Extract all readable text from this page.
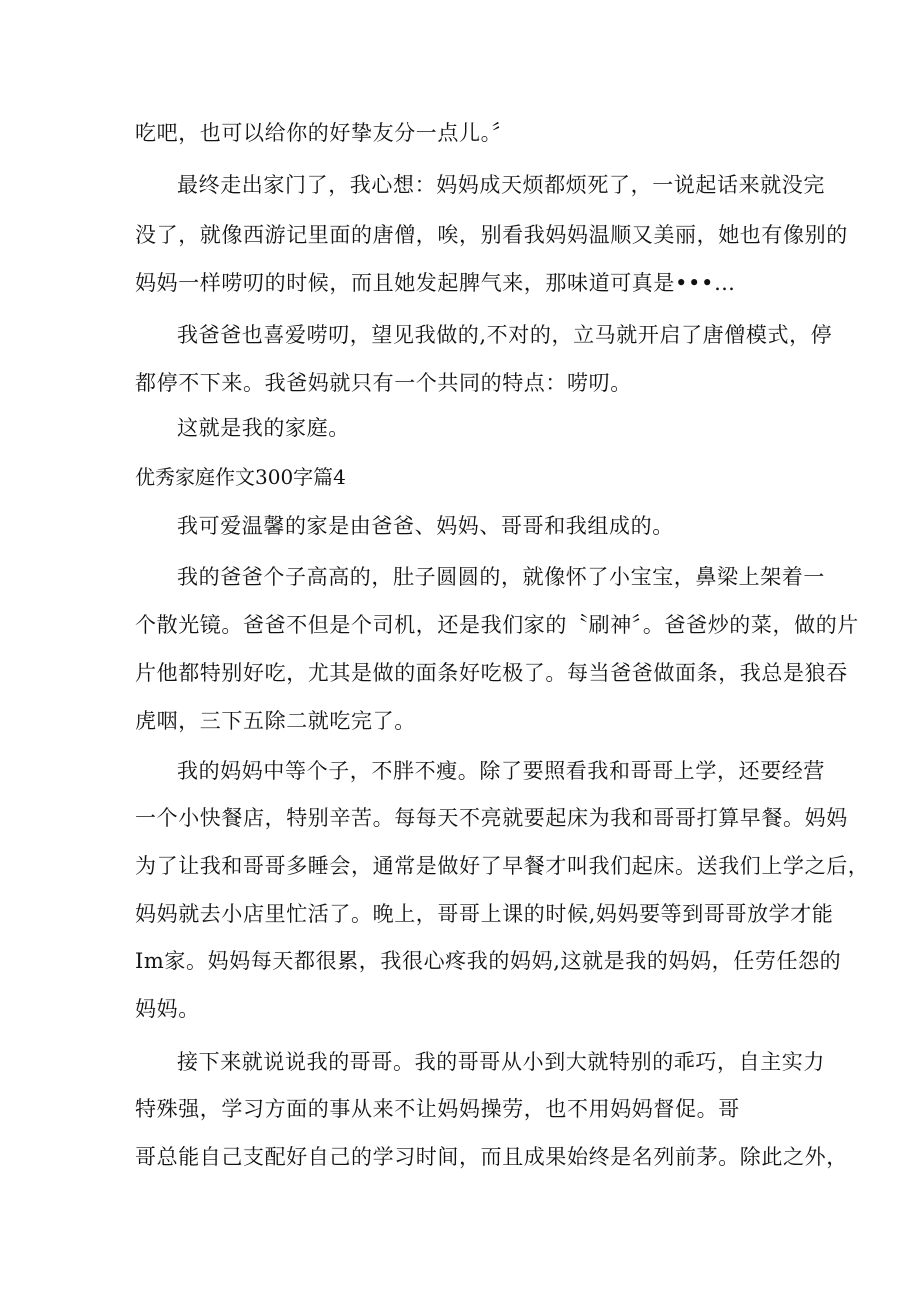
吃吧，也可以给你的好挚友分一点儿。〞

最终走出家门了，我心想：妈妈成天烦都烦死了，一说起话来就没完

没了，就像西游记里面的唐僧，唉，别看我妈妈温顺又美丽，她也有像别的

妈妈一样唠叨的时候，而且她发起脾气来，那味道可真是•••…

我爸爸也喜爱唠叨，望见我做的,不对的，立马就开启了唐僧模式，停

都停不下来。我爸妈就只有一个共同的特点：唠叨。

这就是我的家庭。

优秀家庭作文300字篇4

我可爱温馨的家是由爸爸、妈妈、哥哥和我组成的。

我的爸爸个子高高的，肚子圆圆的，就像怀了小宝宝，鼻梁上架着一

个散光镜。爸爸不但是个司机，还是我们家的〝刷神〞。爸爸炒的菜，做的片

片他都特别好吃，尤其是做的面条好吃极了。每当爸爸做面条，我总是狼吞

虎咽，三下五除二就吃完了。

我的妈妈中等个子，不胖不瘦。除了要照看我和哥哥上学，还要经营

一个小快餐店，特别辛苦。每每天不亮就要起床为我和哥哥打算早餐。妈妈

为了让我和哥哥多睡会，通常是做好了早餐才叫我们起床。送我们上学之后，

妈妈就去小店里忙活了。晚上，哥哥上课的时候,妈妈要等到哥哥放学才能

Im家。妈妈每天都很累，我很心疼我的妈妈,这就是我的妈妈，任劳任怨的

妈妈。

接下来就说说我的哥哥。我的哥哥从小到大就特别的乖巧，自主实力

特殊强，学习方面的事从来不让妈妈操劳，也不用妈妈督促。哥

哥总能自己支配好自己的学习时间，而且成果始终是名列前茅。除此之外，
